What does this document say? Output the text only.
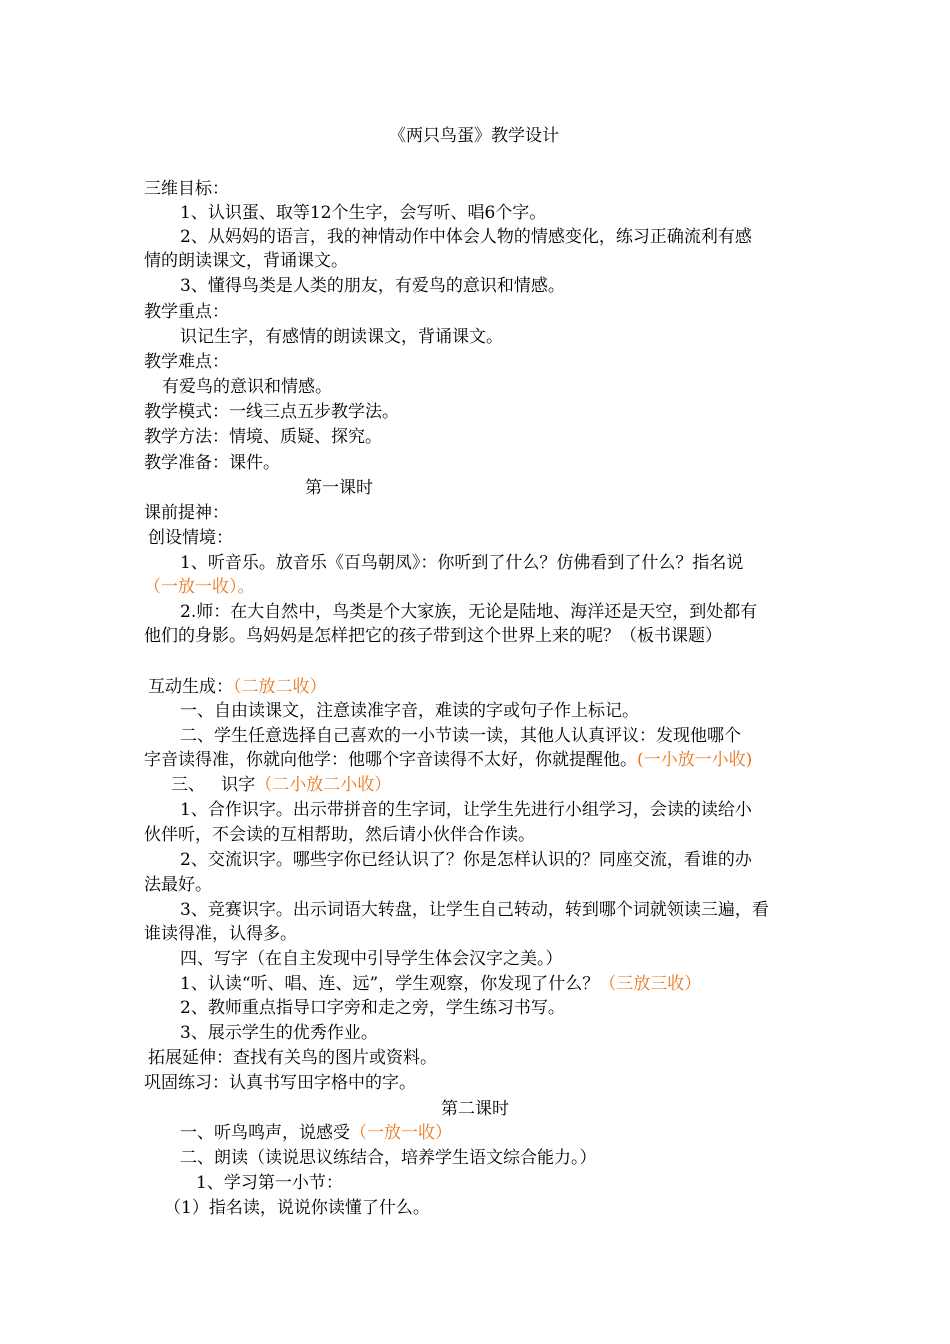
《两只鸟蛋》教学设计
三维目标：
1、认识蛋、取等12个生字，会写听、唱6个字。
2、从妈妈的语言，我的神情动作中体会人物的情感变化，练习正确流利有感
情的朗读课文，背诵课文。
3、懂得鸟类是人类的朋友，有爱鸟的意识和情感。
教学重点：
识记生字，有感情的朗读课文，背诵课文。
教学难点：
有爱鸟的意识和情感。
教学模式：一线三点五步教学法。
教学方法：情境、质疑、探究。
教学准备：课件。
第一课时
课前提神：
创设情境：
1、听音乐。放音乐《百鸟朝凤》：你听到了什么？仿佛看到了什么？指名说
（一放一收）。
2.师：在大自然中，鸟类是个大家族，无论是陆地、海洋还是天空，到处都有
他们的身影。鸟妈妈是怎样把它的孩子带到这个世界上来的呢？（板书课题）
互动生成：（二放二收）
一、自由读课文，注意读准字音，难读的字或句子作上标记。
二、学生任意选择自己喜欢的一小节读一读，其他人认真评议：发现他哪个
字音读得准，你就向他学：他哪个字音读得不太好，你就提醒他。(一小放一小收)
三、   识字（二小放二小收）
1、合作识字。出示带拼音的生字词，让学生先进行小组学习，会读的读给小
伙伴听，不会读的互相帮助，然后请小伙伴合作读。
2、交流识字。哪些字你已经认识了？你是怎样认识的？同座交流，看谁的办
法最好。
3、竞赛识字。出示词语大转盘，让学生自己转动，转到哪个词就领读三遍，看
谁读得准，认得多。
四、写字（在自主发现中引导学生体会汉字之美。）
1、认读“听、唱、连、远”，学生观察，你发现了什么？（三放三收）
2、教师重点指导口字旁和走之旁，学生练习书写。
3、展示学生的优秀作业。
拓展延伸：查找有关鸟的图片或资料。
巩固练习：认真书写田字格中的字。
第二课时
一、听鸟鸣声，说感受（一放一收）
二、朗读（读说思议练结合，培养学生语文综合能力。）
1、学习第一小节：
（1）指名读，说说你读懂了什么。
